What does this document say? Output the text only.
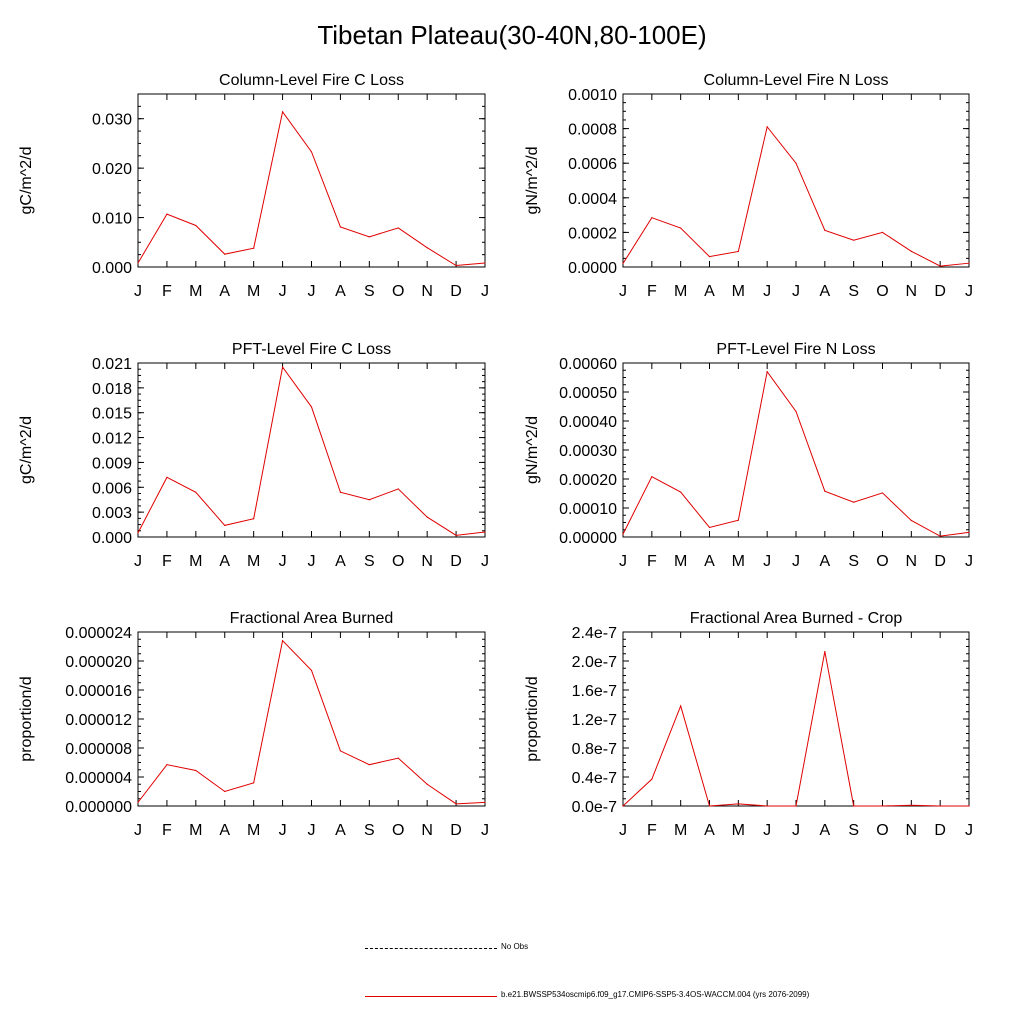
Tibetan Plateau(30-40N,80-100E)
J F M A M J J A S O N D J
0.000
0.010
0.020
0.030
Column-Level Fire C Loss
gC/m^2/d
J F M A M J J A S O N D J
0.0000
0.0002
0.0004
0.0006
0.0008
0.0010
Column-Level Fire N Loss
gN/m^2/d
J F M A M J J A S O N D J
0.000
0.003
0.006
0.009
0.012
0.015
0.018
0.021
PFT-Level Fire C Loss
gC/m^2/d
J F M A M J J A S O N D J
0.00000
0.00010
0.00020
0.00030
0.00040
0.00050
0.00060
PFT-Level Fire N Loss
gN/m^2/d
J F M A M J J A S O N D J
0.000000
0.000004
0.000008
0.000012
0.000016
0.000020
0.000024
Fractional Area Burned
proportion/d
J F M A M J J A S O N D J
0.0e-7
0.4e-7
0.8e-7
1.2e-7
1.6e-7
2.0e-7
2.4e-7
Fractional Area Burned - Crop
proportion/d
No Obs
b.e21.BWSSP534oscmip6.f09_g17.CMIP6-SSP5-3.4OS-WACCM.004 (yrs 2076-2099)
